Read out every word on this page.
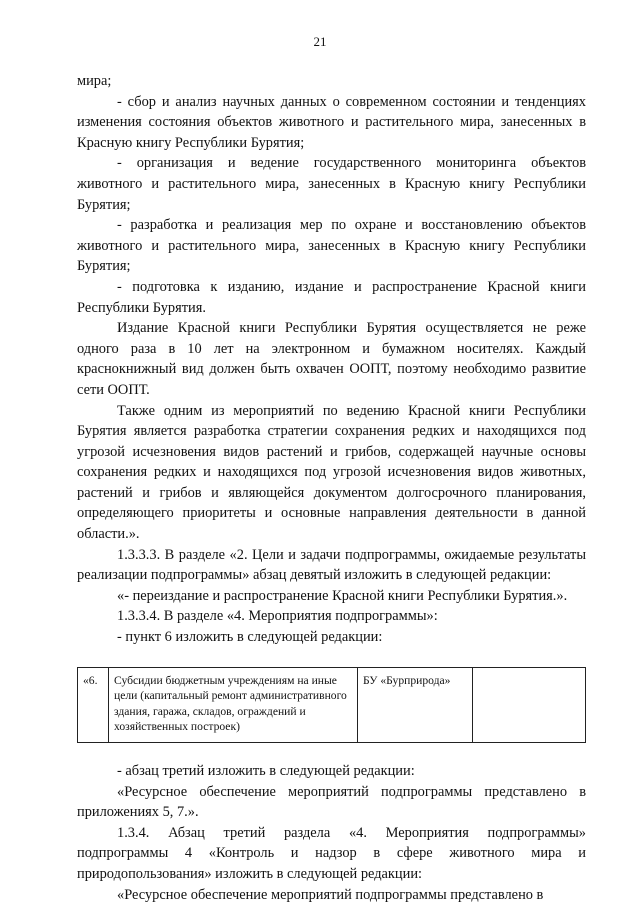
21

мира;

- сбор и анализ научных данных о современном состоянии и тенденциях изменения состояния объектов животного и растительного мира, занесенных в Красную книгу Республики Бурятия;

- организация и ведение государственного мониторинга объектов животного и растительного мира, занесенных в Красную книгу Республики Бурятия;

- разработка и реализация мер по охране и восстановлению объектов животного и растительного мира, занесенных в Красную книгу Республики Бурятия;

- подготовка к изданию, издание и распространение Красной книги Республики Бурятия.

Издание Красной книги Республики Бурятия осуществляется не реже одного раза в 10 лет на электронном и бумажном носителях. Каждый краснокнижный вид должен быть охвачен ООПТ, поэтому необходимо развитие сети ООПТ.

Также одним из мероприятий по ведению Красной книги Республики Бурятия является разработка стратегии сохранения редких и находящихся под угрозой исчезновения видов растений и грибов, содержащей научные основы сохранения редких и находящихся под угрозой исчезновения видов животных, растений и грибов и являющейся документом долгосрочного планирования, определяющего приоритеты и основные направления деятельности в данной области.».

1.3.3.3. В разделе «2. Цели и задачи подпрограммы, ожидаемые результаты реализации подпрограммы» абзац девятый изложить в следующей редакции:

«- переиздание и распространение Красной книги Республики Бурятия.».

1.3.3.4. В разделе «4. Мероприятия подпрограммы»:

- пункт 6 изложить в следующей редакции:

«6.	Субсидии бюджетным учреждениям на иные цели (капитальный ремонт административного здания, гаража, складов, ограждений и хозяйственных построек)	БУ «Бурприрода»	

- абзац третий изложить в следующей редакции:

«Ресурсное обеспечение мероприятий подпрограммы представлено в приложениях 5, 7.».

1.3.4. Абзац третий раздела «4. Мероприятия подпрограммы» подпрограммы 4 «Контроль и надзор в сфере животного мира и природопользования» изложить в следующей редакции:

«Ресурсное обеспечение мероприятий подпрограммы представлено в
